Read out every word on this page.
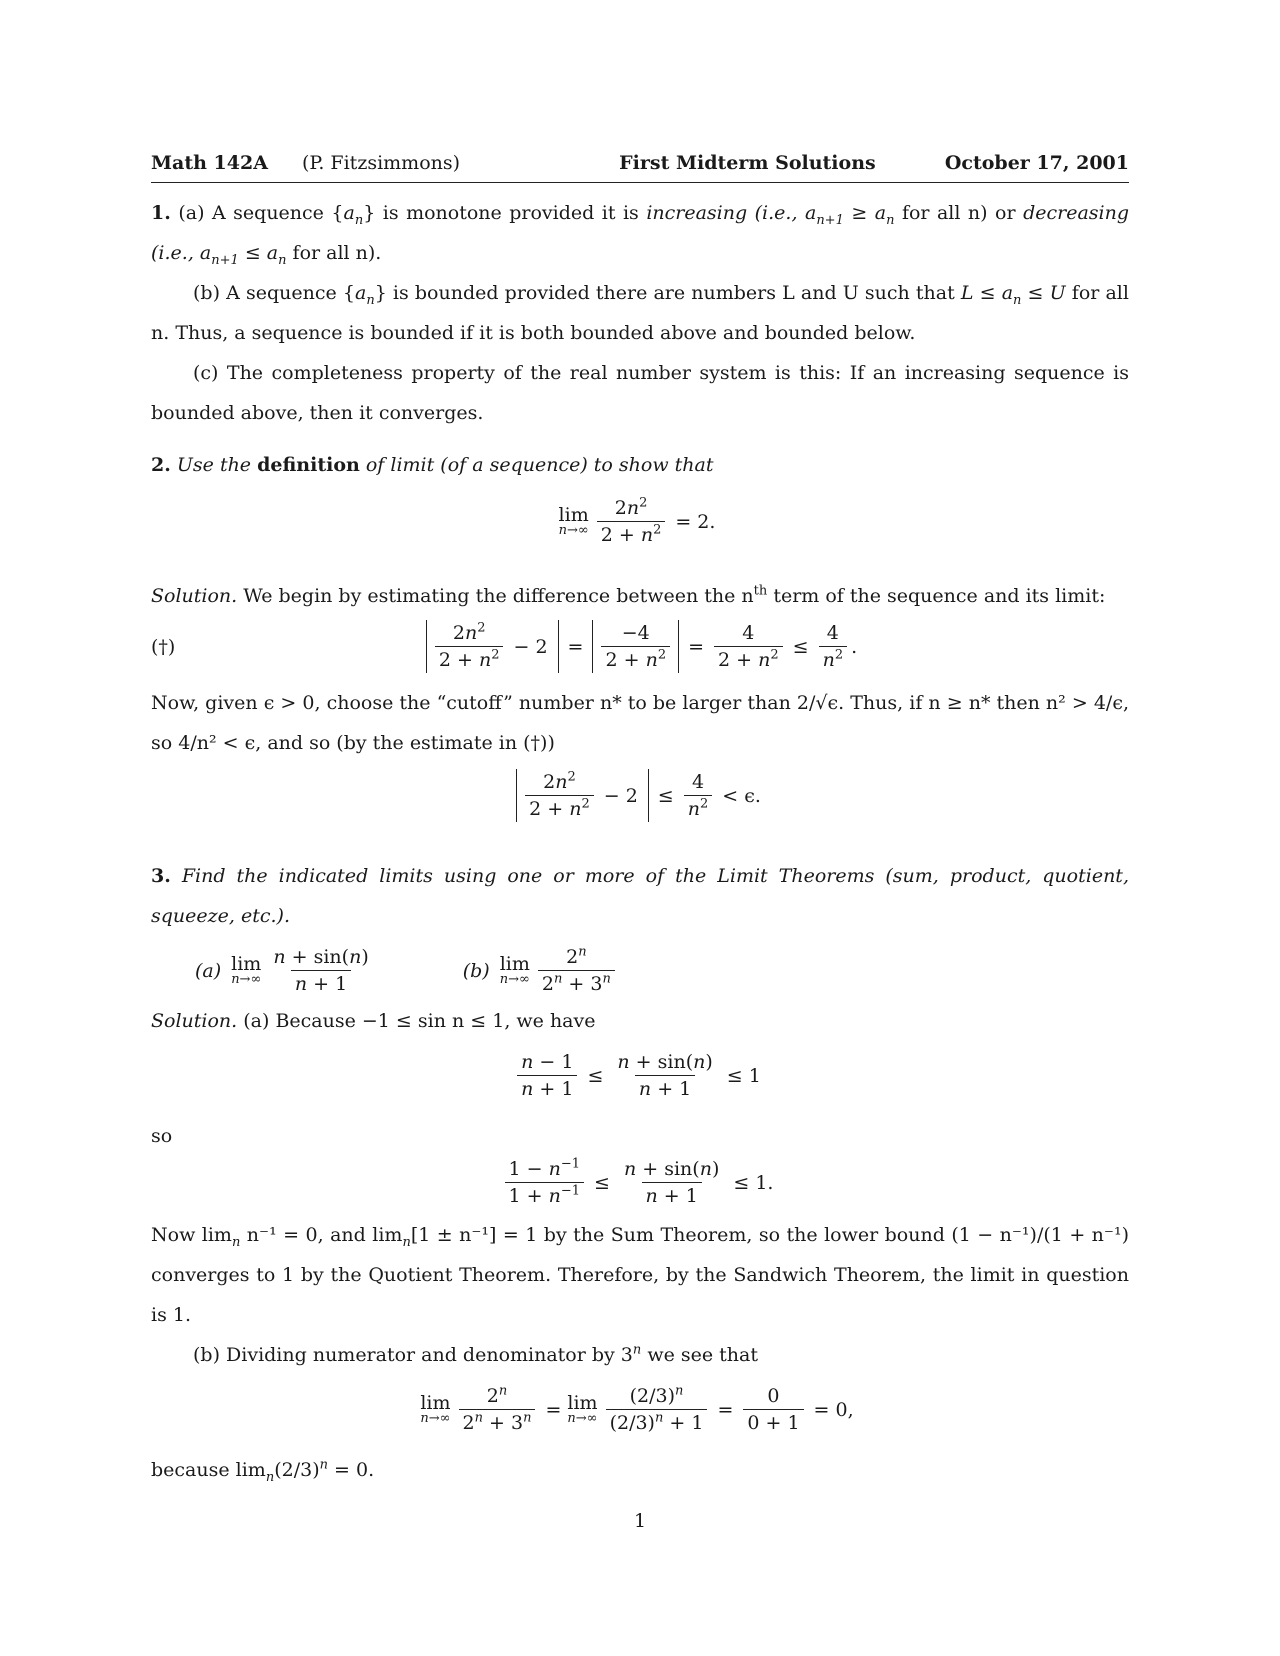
Math 142A (P. Fitzsimmons)	First Midterm Solutions	October 17, 2001

1. (a) A sequence $\{a_n\}$ is monotone provided it is increasing (i.e., $a_{n+1} \ge a_n$ for all n) or decreasing (i.e., $a_{n+1} \le a_n$ for all n).

(b) A sequence $\{a_n\}$ is bounded provided there are numbers L and U such that $L \le a_n \le U$ for all n. Thus, a sequence is bounded if it is both bounded above and bounded below.

(c) The completeness property of the real number system is this: If an increasing sequence is bounded above, then it converges.

2. Use the definition of limit (of a sequence) to show that

lim
$n\to\infty \frac{2n^2}{2 + n^2} = 2$.

Solution. We begin by estimating the difference between the $n^{th}$ term of the sequence and its limit:

(†)	$\frac{2n^2}{2 + n^2} - 2 = \frac{-4}{2 + n^2} = \frac{4}{2 + n^2} \le \frac{4}{n^2}$ .

Now, given ϵ > 0, choose the “cutoff” number n* to be larger than 2/√ϵ. Thus, if n ≥ n* then n² > 4/ϵ, so 4/n² < ϵ, and so (by the estimate in (†))

$\frac{2n^2}{2 + n^2} - 2 \le \frac{4}{n^2} < \epsilon$.

3. Find the indicated limits using one or more of the Limit Theorems (sum, product, quotient, squeeze, etc.).

(a) lim
$n\to\infty \frac{n + \sin(n)}{n + 1}$	(b) lim
$n\to\infty \frac{2^n}{2^n + 3^n}$

Solution. (a) Because −1 ≤ sin n ≤ 1, we have

$\frac{n - 1}{n + 1} \le \frac{n + \sin(n)}{n + 1} \le 1$

so

$\frac{1 - n^{-1}}{1 + n^{-1}} \le \frac{n + \sin(n)}{n + 1} \le 1$.

Now $\lim_n n^{-1} = 0$, and $\lim_n[1 \pm n^{-1}] = 1$ by the Sum Theorem, so the lower bound (1 − n⁻¹)/(1 + n⁻¹) converges to 1 by the Quotient Theorem. Therefore, by the Sandwich Theorem, the limit in question is 1.

(b) Dividing numerator and denominator by 3$^n$ we see that

lim
$n\to\infty \frac{2^n}{2^n + 3^n} = \lim$
$n\to\infty \frac{(2/3)^n}{(2/3)^n + 1} = \frac{0}{0 + 1} = 0$,

because $\lim_n(2/3)^n = 0$.

1
